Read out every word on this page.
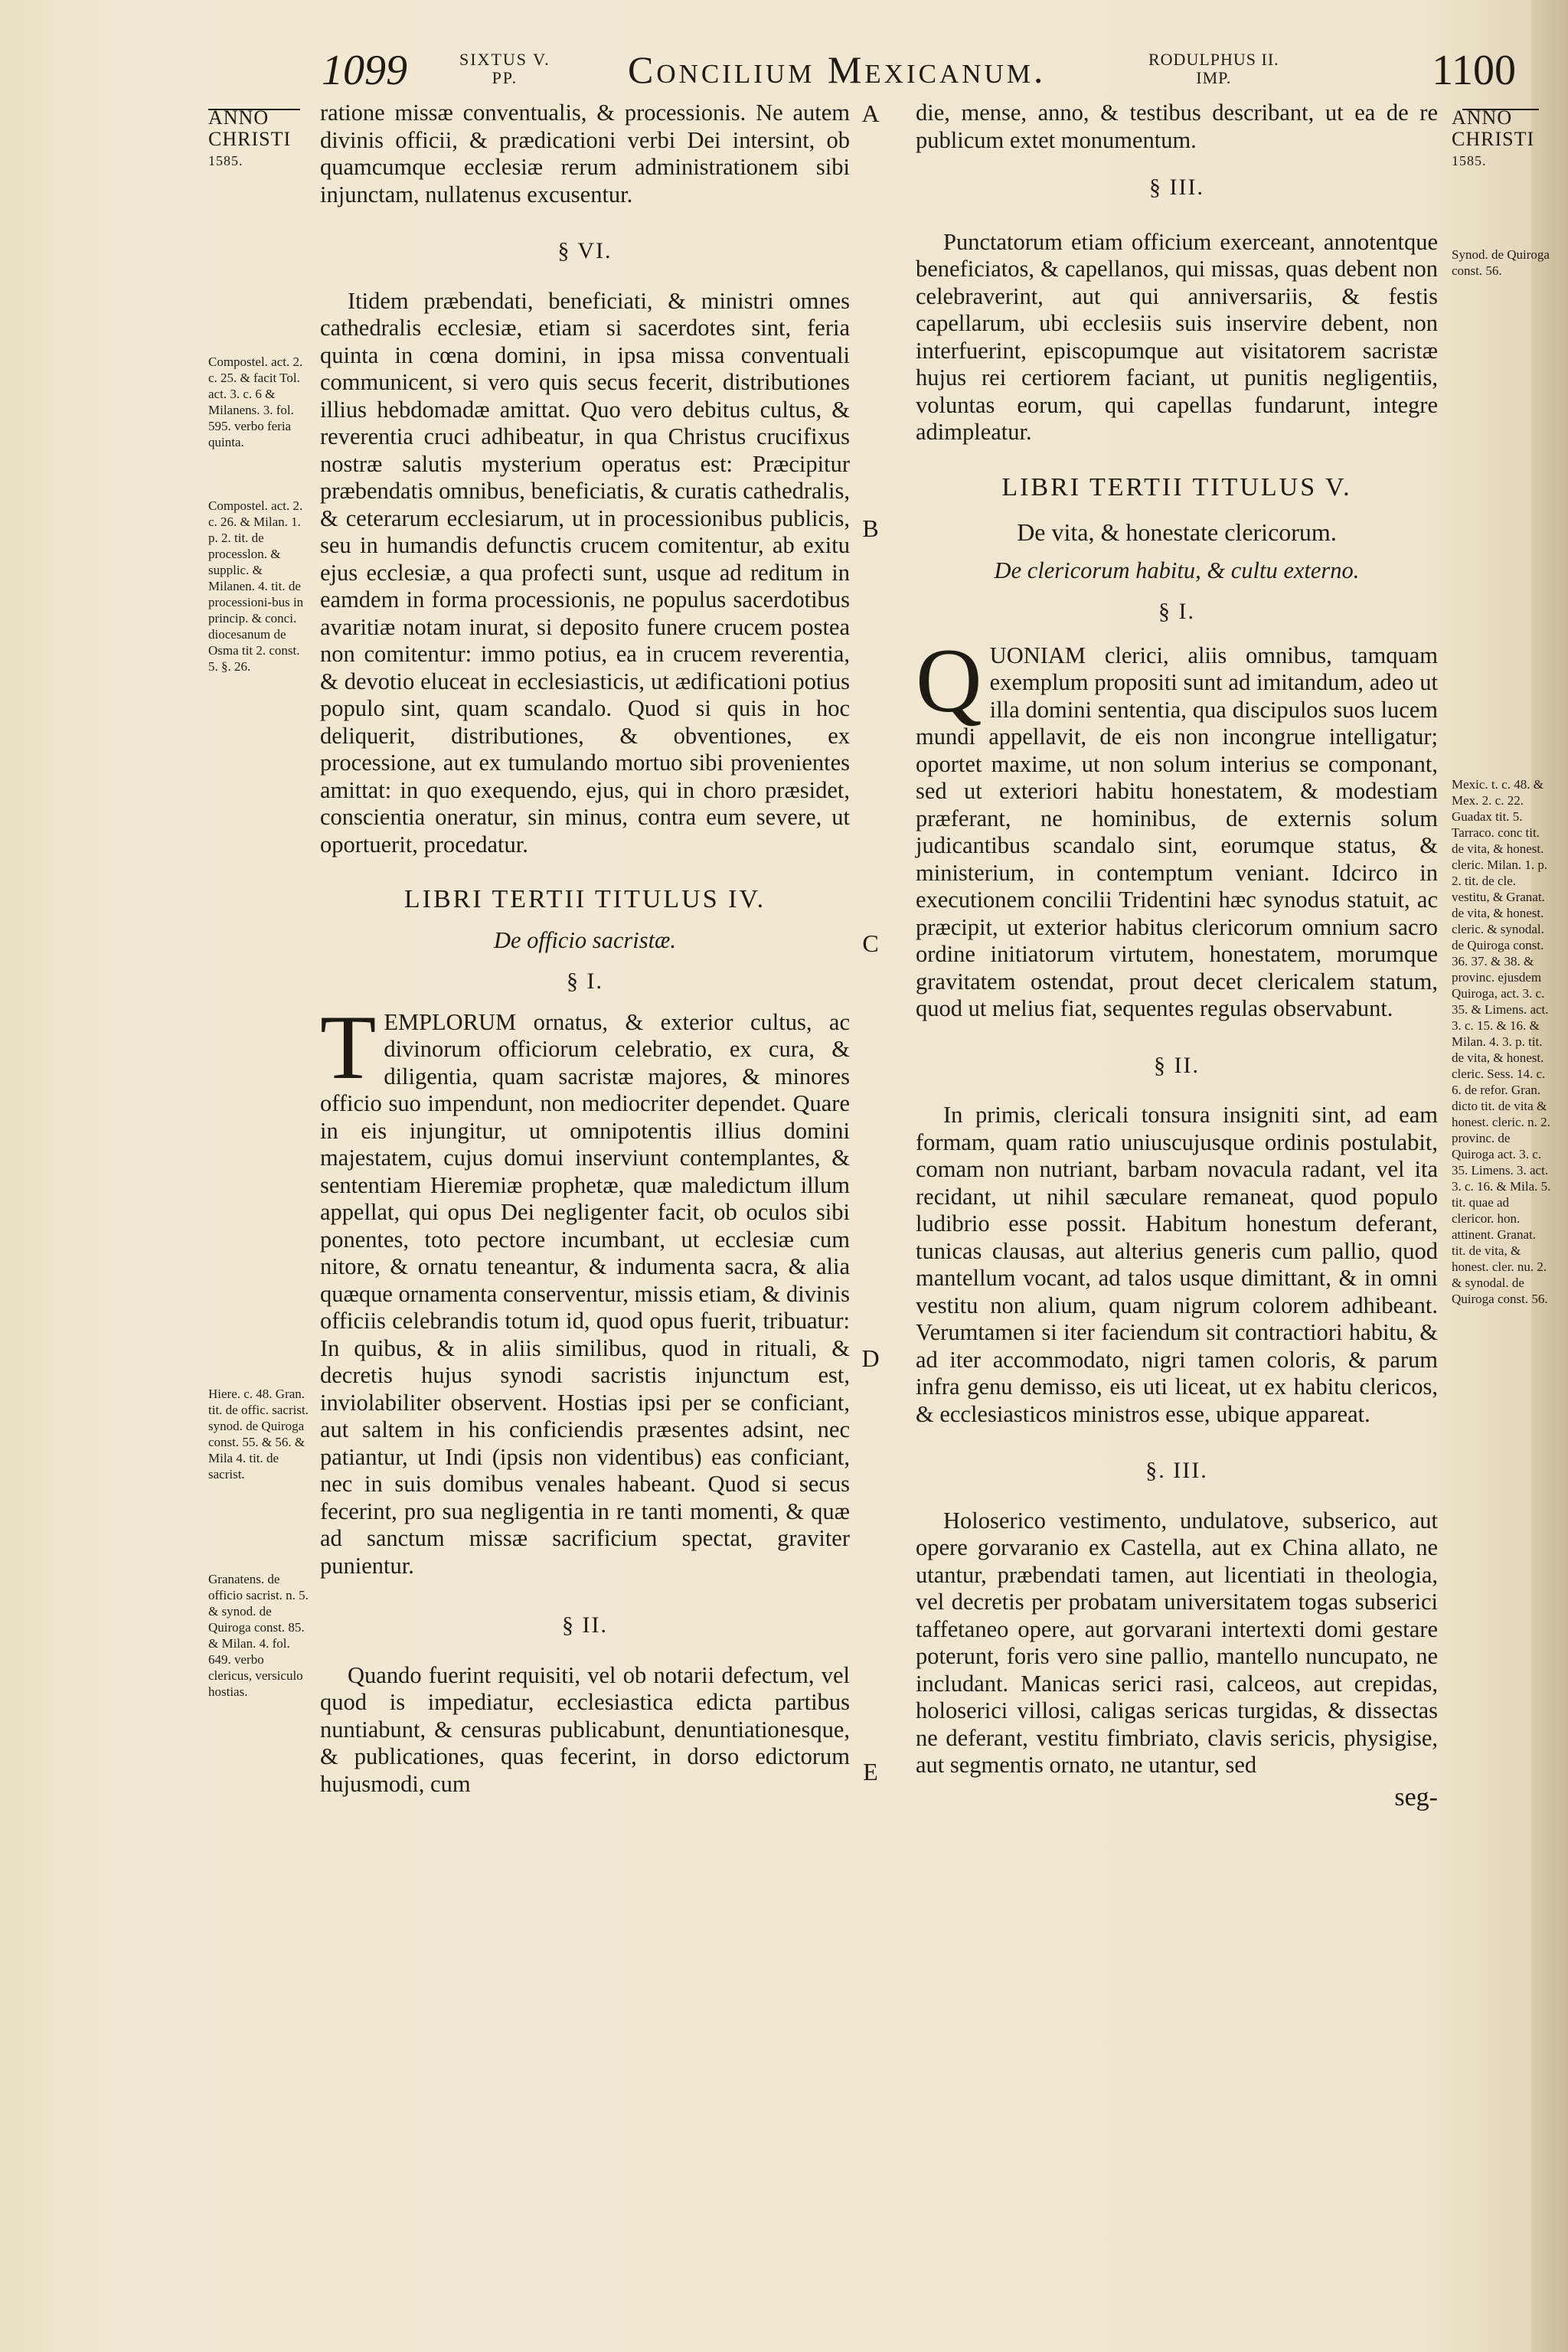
1099	SIXTUS V.
PP.	Concilium Mexicanum.	RODULPHUS II.
IMP.	1100
ANNO
CHRISTI
1585.
Compostel. act. 2. c. 25. & facit Tol. act. 3. c. 6 & Milanens. 3. fol. 595. verbo feria quinta.
Compostel. act. 2. c. 26. & Milan. 1. p. 2. tit. de processlon. & supplic. & Milanen. 4. tit. de processioni-bus in princip. & conci. diocesanum de Osma tit 2. const. 5. §. 26.
Hiere. c. 48. Gran. tit. de offic. sacrist. synod. de Quiroga const. 55. & 56. & Mila 4. tit. de sacrist.
Granatens. de officio sacrist. n. 5. & synod. de Quiroga const. 85. & Milan. 4. fol. 649. verbo clericus, versiculo hostias.
ANNO
CHRISTI
1585.
Synod. de Quiroga const. 56.
Mexic. t. c. 48. & Mex. 2. c. 22. Guadax tit. 5. Tarraco. conc tit. de vita, & honest. cleric. Milan. 1. p. 2. tit. de cle. vestitu, & Granat. de vita, & honest. cleric. & synodal. de Quiroga const. 36. 37. & 38. & provinc. ejusdem Quiroga, act. 3. c. 35. & Limens. act. 3. c. 15. & 16. & Milan. 4. 3. p. tit. de vita, & honest. cleric. Sess. 14. c. 6. de refor. Gran. dicto tit. de vita & honest. cleric. n. 2. provinc. de Quiroga act. 3. c. 35. Limens. 3. act. 3. c. 16. & Mila. 5. tit. quae ad clericor. hon. attinent. Granat. tit. de vita, & honest. cler. nu. 2. & synodal. de Quiroga const. 56.
A
B
C
D
E

ratione missæ conventualis, & processionis. Ne autem divinis officii, & prædicationi verbi Dei intersint, ob quamcumque ecclesiæ rerum administrationem sibi injunctam, nullatenus excusentur.

§ VI.

Itidem præbendati, beneficiati, & ministri omnes cathedralis ecclesiæ, etiam si sacerdotes sint, feria quinta in cœna domini, in ipsa missa conventuali communicent, si vero quis secus fecerit, distributiones illius hebdomadæ amittat. Quo vero debitus cultus, & reverentia cruci adhibeatur, in qua Christus crucifixus nostræ salutis mysterium operatus est: Præcipitur præbendatis omnibus, beneficiatis, & curatis cathedralis, & ceterarum ecclesiarum, ut in processionibus publicis, seu in humandis defunctis crucem comitentur, ab exitu ejus ecclesiæ, a qua profecti sunt, usque ad reditum in eamdem in forma processionis, ne populus sacerdotibus avaritiæ notam inurat, si deposito funere crucem postea non comitentur: immo potius, ea in crucem reverentia, & devotio eluceat in ecclesiasticis, ut ædificationi potius populo sint, quam scandalo. Quod si quis in hoc deliquerit, distributiones, & obventiones, ex processione, aut ex tumulando mortuo sibi provenientes amittat: in quo exequendo, ejus, qui in choro præsidet, conscientia oneratur, sin minus, contra eum severe, ut oportuerit, procedatur.

LIBRI TERTII TITULUS IV.

De officio sacristæ.

§ I.

TEMPLORUM ornatus, & exterior cultus, ac divinorum officiorum celebratio, ex cura, & diligentia, quam sacristæ majores, & minores officio suo impendunt, non mediocriter dependet. Quare in eis injungitur, ut omnipotentis illius domini majestatem, cujus domui inserviunt contemplantes, & sententiam Hieremiæ prophetæ, quæ maledictum illum appellat, qui opus Dei negligenter facit, ob oculos sibi ponentes, toto pectore incumbant, ut ecclesiæ cum nitore, & ornatu teneantur, & indumenta sacra, & alia quæque ornamenta conserventur, missis etiam, & divinis officiis celebrandis totum id, quod opus fuerit, tribuatur: In quibus, & in aliis similibus, quod in rituali, & decretis hujus synodi sacristis injunctum est, inviolabiliter observent. Hostias ipsi per se conficiant, aut saltem in his conficiendis præsentes adsint, nec patiantur, ut Indi (ipsis non videntibus) eas conficiant, nec in suis domibus venales habeant. Quod si secus fecerint, pro sua negligentia in re tanti momenti, & quæ ad sanctum missæ sacrificium spectat, graviter punientur.

§ II.

Quando fuerint requisiti, vel ob notarii defectum, vel quod is impediatur, ecclesiastica edicta partibus nuntiabunt, & censuras publicabunt, denuntiationesque, & publicationes, quas fecerint, in dorso edictorum hujusmodi, cum

die, mense, anno, & testibus describant, ut ea de re publicum extet monumentum.

§ III.

Punctatorum etiam officium exerceant, annotentque beneficiatos, & capellanos, qui missas, quas debent non celebraverint, aut qui anniversariis, & festis capellarum, ubi ecclesiis suis inservire debent, non interfuerint, episcopumque aut visitatorem sacristæ hujus rei certiorem faciant, ut punitis negligentiis, voluntas eorum, qui capellas fundarunt, integre adimpleatur.

LIBRI TERTII TITULUS V.

De vita, & honestate clericorum.

De clericorum habitu, & cultu externo.

§ I.

QUONIAM clerici, aliis omnibus, tamquam exemplum propositi sunt ad imitandum, adeo ut illa domini sententia, qua discipulos suos lucem mundi appellavit, de eis non incongrue intelligatur; oportet maxime, ut non solum interius se componant, sed ut exteriori habitu honestatem, & modestiam præferant, ne hominibus, de externis solum judicantibus scandalo sint, eorumque status, & ministerium, in contemptum veniant. Idcirco in executionem concilii Tridentini hæc synodus statuit, ac præcipit, ut exterior habitus clericorum omnium sacro ordine initiatorum virtutem, honestatem, morumque gravitatem ostendat, prout decet clericalem statum, quod ut melius fiat, sequentes regulas observabunt.

§ II.

In primis, clericali tonsura insigniti sint, ad eam formam, quam ratio uniuscujusque ordinis postulabit, comam non nutriant, barbam novacula radant, vel ita recidant, ut nihil sæculare remaneat, quod populo ludibrio esse possit. Habitum honestum deferant, tunicas clausas, aut alterius generis cum pallio, quod mantellum vocant, ad talos usque dimittant, & in omni vestitu non alium, quam nigrum colorem adhibeant. Verumtamen si iter faciendum sit contractiori habitu, & ad iter accommodato, nigri tamen coloris, & parum infra genu demisso, eis uti liceat, ut ex habitu clericos, & ecclesiasticos ministros esse, ubique appareat.

§. III.

Holoserico vestimento, undulatove, subserico, aut opere gorvaranio ex Castella, aut ex China allato, ne utantur, præbendati tamen, aut licentiati in theologia, vel decretis per probatam universitatem togas subserici taffetaneo opere, aut gorvarani intertexti domi gestare poterunt, foris vero sine pallio, mantello nuncupato, ne includant. Manicas serici rasi, calceos, aut crepidas, holoserici villosi, caligas sericas turgidas, & dissectas ne deferant, vestitu fimbriato, clavis sericis, physigise, aut segmentis ornato, ne utantur, sed

seg-
